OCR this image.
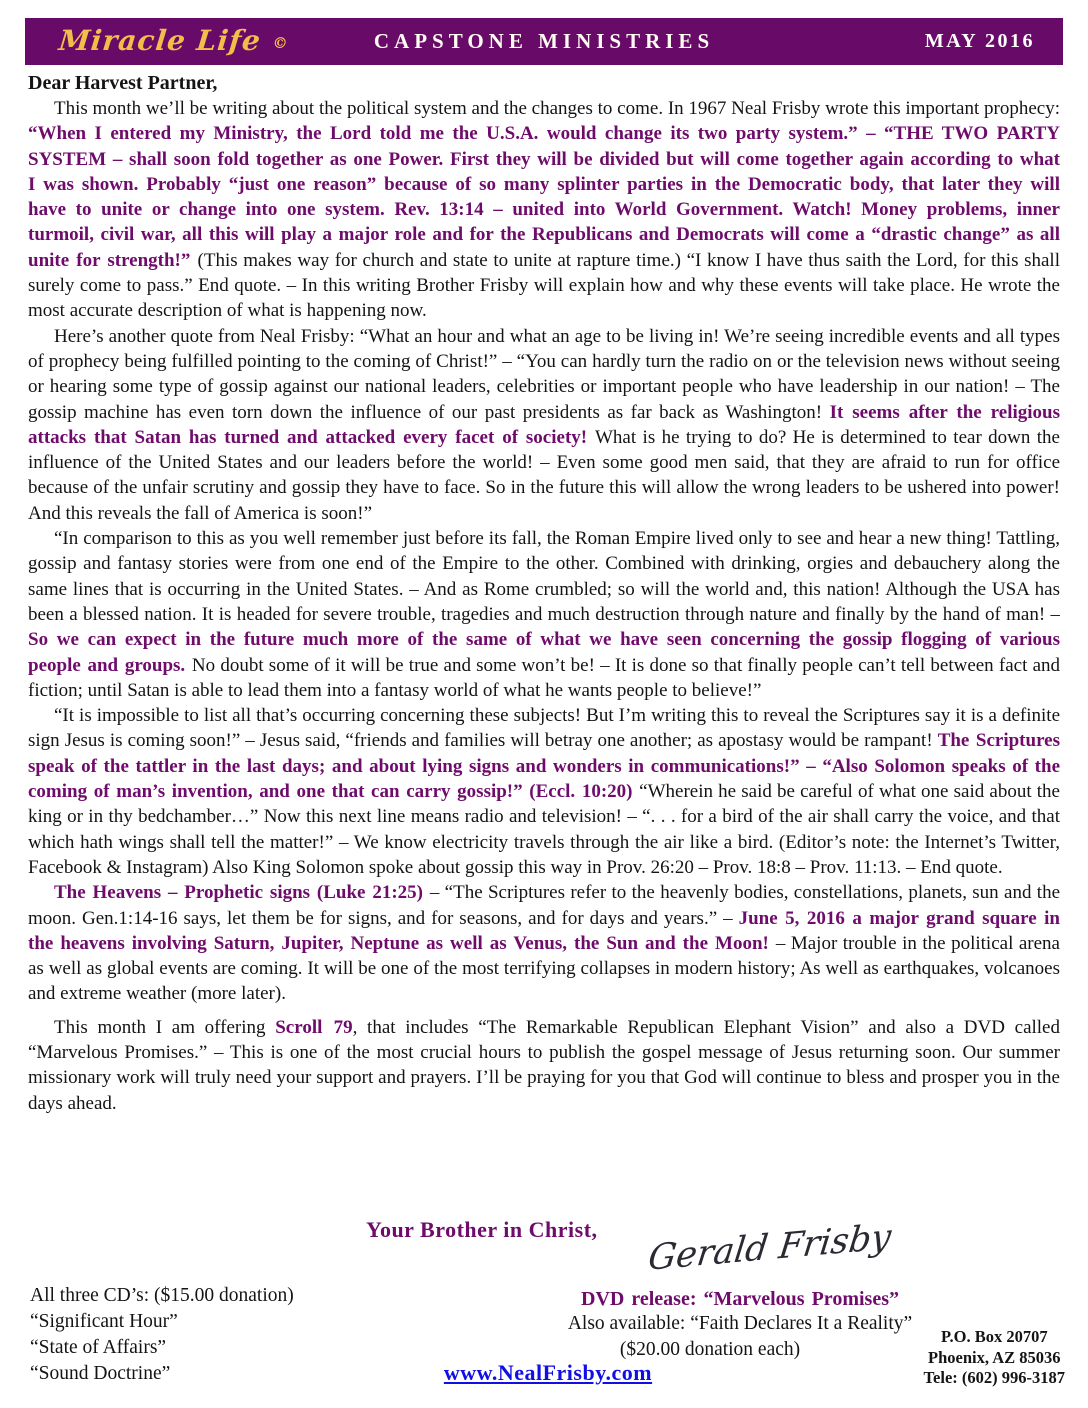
Miracle Life ©	CAPSTONE MINISTRIES	MAY 2016
Dear Harvest Partner,

This month we’ll be writing about the political system and the changes to come. In 1967 Neal Frisby wrote this important prophecy: “When I entered my Ministry, the Lord told me the U.S.A. would change its two party system.” – “THE TWO PARTY SYSTEM – shall soon fold together as one Power. First they will be divided but will come together again according to what I was shown. Probably “just one reason” because of so many splinter parties in the Democratic body, that later they will have to unite or change into one system. Rev. 13:14 – united into World Government. Watch! Money problems, inner turmoil, civil war, all this will play a major role and for the Republicans and Democrats will come a “drastic change” as all unite for strength!” (This makes way for church and state to unite at rapture time.) “I know I have thus saith the Lord, for this shall surely come to pass.” End quote. – In this writing Brother Frisby will explain how and why these events will take place. He wrote the most accurate description of what is happening now.

Here’s another quote from Neal Frisby: “What an hour and what an age to be living in! We’re seeing incredible events and all types of prophecy being fulfilled pointing to the coming of Christ!” – “You can hardly turn the radio on or the television news without seeing or hearing some type of gossip against our national leaders, celebrities or important people who have leadership in our nation! – The gossip machine has even torn down the influence of our past presidents as far back as Washington! It seems after the religious attacks that Satan has turned and attacked every facet of society! What is he trying to do? He is determined to tear down the influence of the United States and our leaders before the world! – Even some good men said, that they are afraid to run for office because of the unfair scrutiny and gossip they have to face. So in the future this will allow the wrong leaders to be ushered into power! And this reveals the fall of America is soon!”

“In comparison to this as you well remember just before its fall, the Roman Empire lived only to see and hear a new thing! Tattling, gossip and fantasy stories were from one end of the Empire to the other. Combined with drinking, orgies and debauchery along the same lines that is occurring in the United States. – And as Rome crumbled; so will the world and, this nation! Although the USA has been a blessed nation. It is headed for severe trouble, tragedies and much destruction through nature and finally by the hand of man! – So we can expect in the future much more of the same of what we have seen concerning the gossip flogging of various people and groups. No doubt some of it will be true and some won’t be! – It is done so that finally people can’t tell between fact and fiction; until Satan is able to lead them into a fantasy world of what he wants people to believe!”

“It is impossible to list all that’s occurring concerning these subjects! But I’m writing this to reveal the Scriptures say it is a definite sign Jesus is coming soon!” – Jesus said, “friends and families will betray one another; as apostasy would be rampant! The Scriptures speak of the tattler in the last days; and about lying signs and wonders in communications!” – “Also Solomon speaks of the coming of man’s invention, and one that can carry gossip!” (Eccl. 10:20) “Wherein he said be careful of what one said about the king or in thy bedchamber…” Now this next line means radio and television! – “. . . for a bird of the air shall carry the voice, and that which hath wings shall tell the matter!” – We know electricity travels through the air like a bird. (Editor’s note: the Internet’s Twitter, Facebook & Instagram) Also King Solomon spoke about gossip this way in Prov. 26:20 – Prov. 18:8 – Prov. 11:13. – End quote.

The Heavens – Prophetic signs (Luke 21:25) – “The Scriptures refer to the heavenly bodies, constellations, planets, sun and the moon. Gen.1:14-16 says, let them be for signs, and for seasons, and for days and years.” – June 5, 2016 a major grand square in the heavens involving Saturn, Jupiter, Neptune as well as Venus, the Sun and the Moon! – Major trouble in the political arena as well as global events are coming. It will be one of the most terrifying collapses in modern history; As well as earthquakes, volcanoes and extreme weather (more later).

This month I am offering Scroll 79, that includes “The Remarkable Republican Elephant Vision” and also a DVD called “Marvelous Promises.” – This is one of the most crucial hours to publish the gospel message of Jesus returning soon. Our summer missionary work will truly need your support and prayers. I’ll be praying for you that God will continue to bless and prosper you in the days ahead.

Your Brother in Christ, Gerald Frisby
All three CD’s: ($15.00 donation)
“Significant Hour”
“State of Affairs”
“Sound Doctrine”
DVD release: “Marvelous Promises”
Also available: “Faith Declares It a Reality”
($20.00 donation each)
www.NealFrisby.com
P.O. Box 20707
Phoenix, AZ 85036
Tele: (602) 996-3187
